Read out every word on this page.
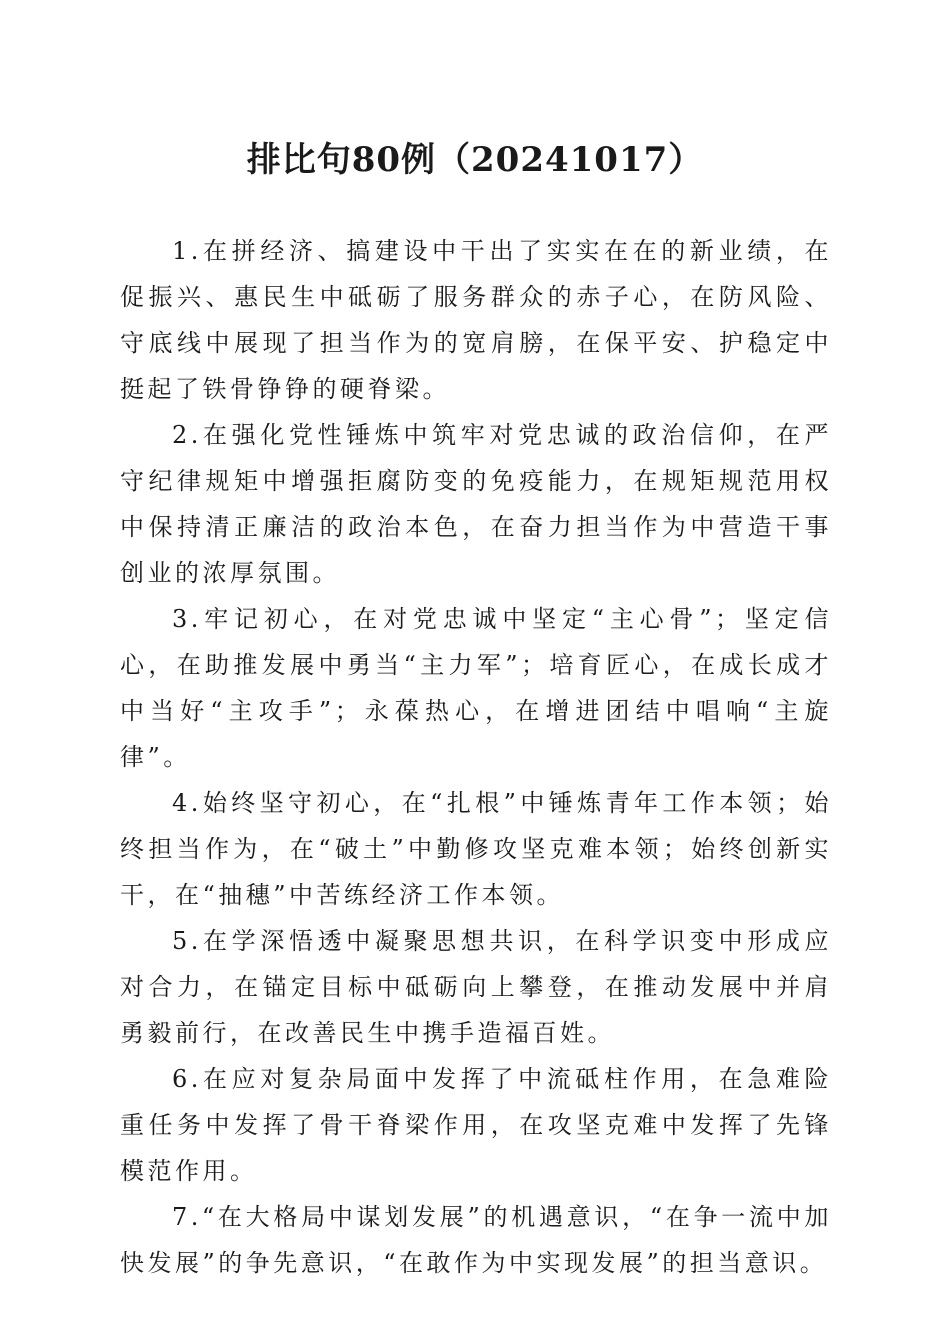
排比句80例（20241017）

1.在拼经济、搞建设中干出了实实在在的新业绩，在促振兴、惠民生中砥砺了服务群众的赤子心，在防风险、守底线中展现了担当作为的宽肩膀，在保平安、护稳定中挺起了铁骨铮铮的硬脊梁。

2.在强化党性锤炼中筑牢对党忠诚的政治信仰，在严守纪律规矩中增强拒腐防变的免疫能力，在规矩规范用权中保持清正廉洁的政治本色，在奋力担当作为中营造干事创业的浓厚氛围。

3.牢记初心，在对党忠诚中坚定“主心骨”；坚定信心，在助推发展中勇当“主力军”；培育匠心，在成长成才中当好“主攻手”；永葆热心，在增进团结中唱响“主旋律”。

4.始终坚守初心，在“扎根”中锤炼青年工作本领；始终担当作为，在“破土”中勤修攻坚克难本领；始终创新实干，在“抽穗”中苦练经济工作本领。

5.在学深悟透中凝聚思想共识，在科学识变中形成应对合力，在锚定目标中砥砺向上攀登，在推动发展中并肩勇毅前行，在改善民生中携手造福百姓。

6.在应对复杂局面中发挥了中流砥柱作用，在急难险重任务中发挥了骨干脊梁作用，在攻坚克难中发挥了先锋模范作用。

7.“在大格局中谋划发展”的机遇意识，“在争一流中加快发展”的争先意识，“在敢作为中实现发展”的担当意识。
